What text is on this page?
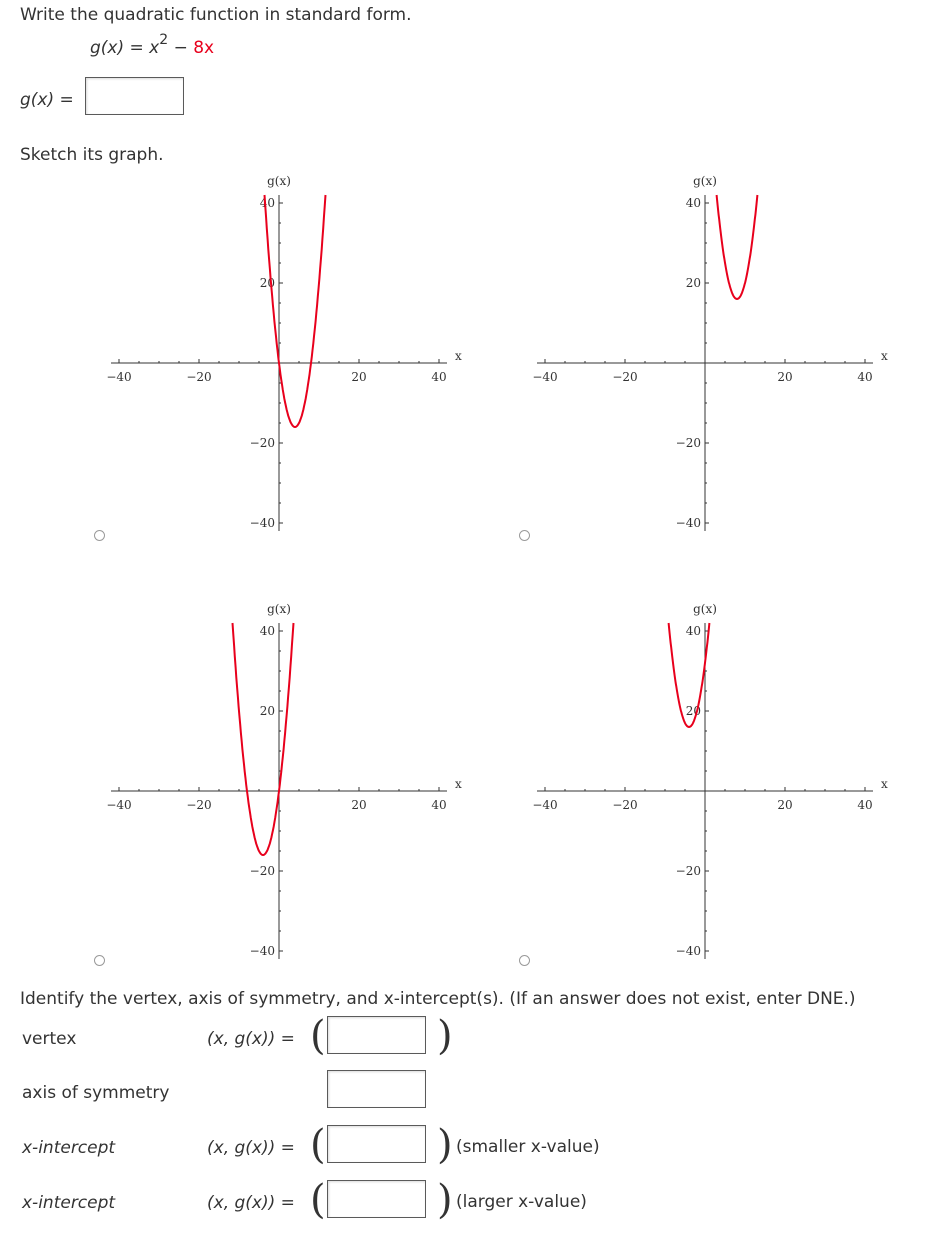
Write the quadratic function in standard form.
$g(x) = x^2 - 8x$
g(x) =
Sketch its graph.
−40
−40
−20
−20
20
20
40
40
x
g(x)
−40
−40
−20
−20
20
20
40
40
x
g(x)
−40
−40
−20
−20
20
20
40
40
x
g(x)
−40
−40
−20
−20
20
20
40
40
x
g(x)
Identify the vertex, axis of symmetry, and x-intercept(s). (If an answer does not exist, enter DNE.)
vertex	(x, g(x)) = (	)
axis of symmetry
x-intercept	(x, g(x)) = (	) (smaller x-value)
x-intercept	(x, g(x)) = (	) (larger x-value)
